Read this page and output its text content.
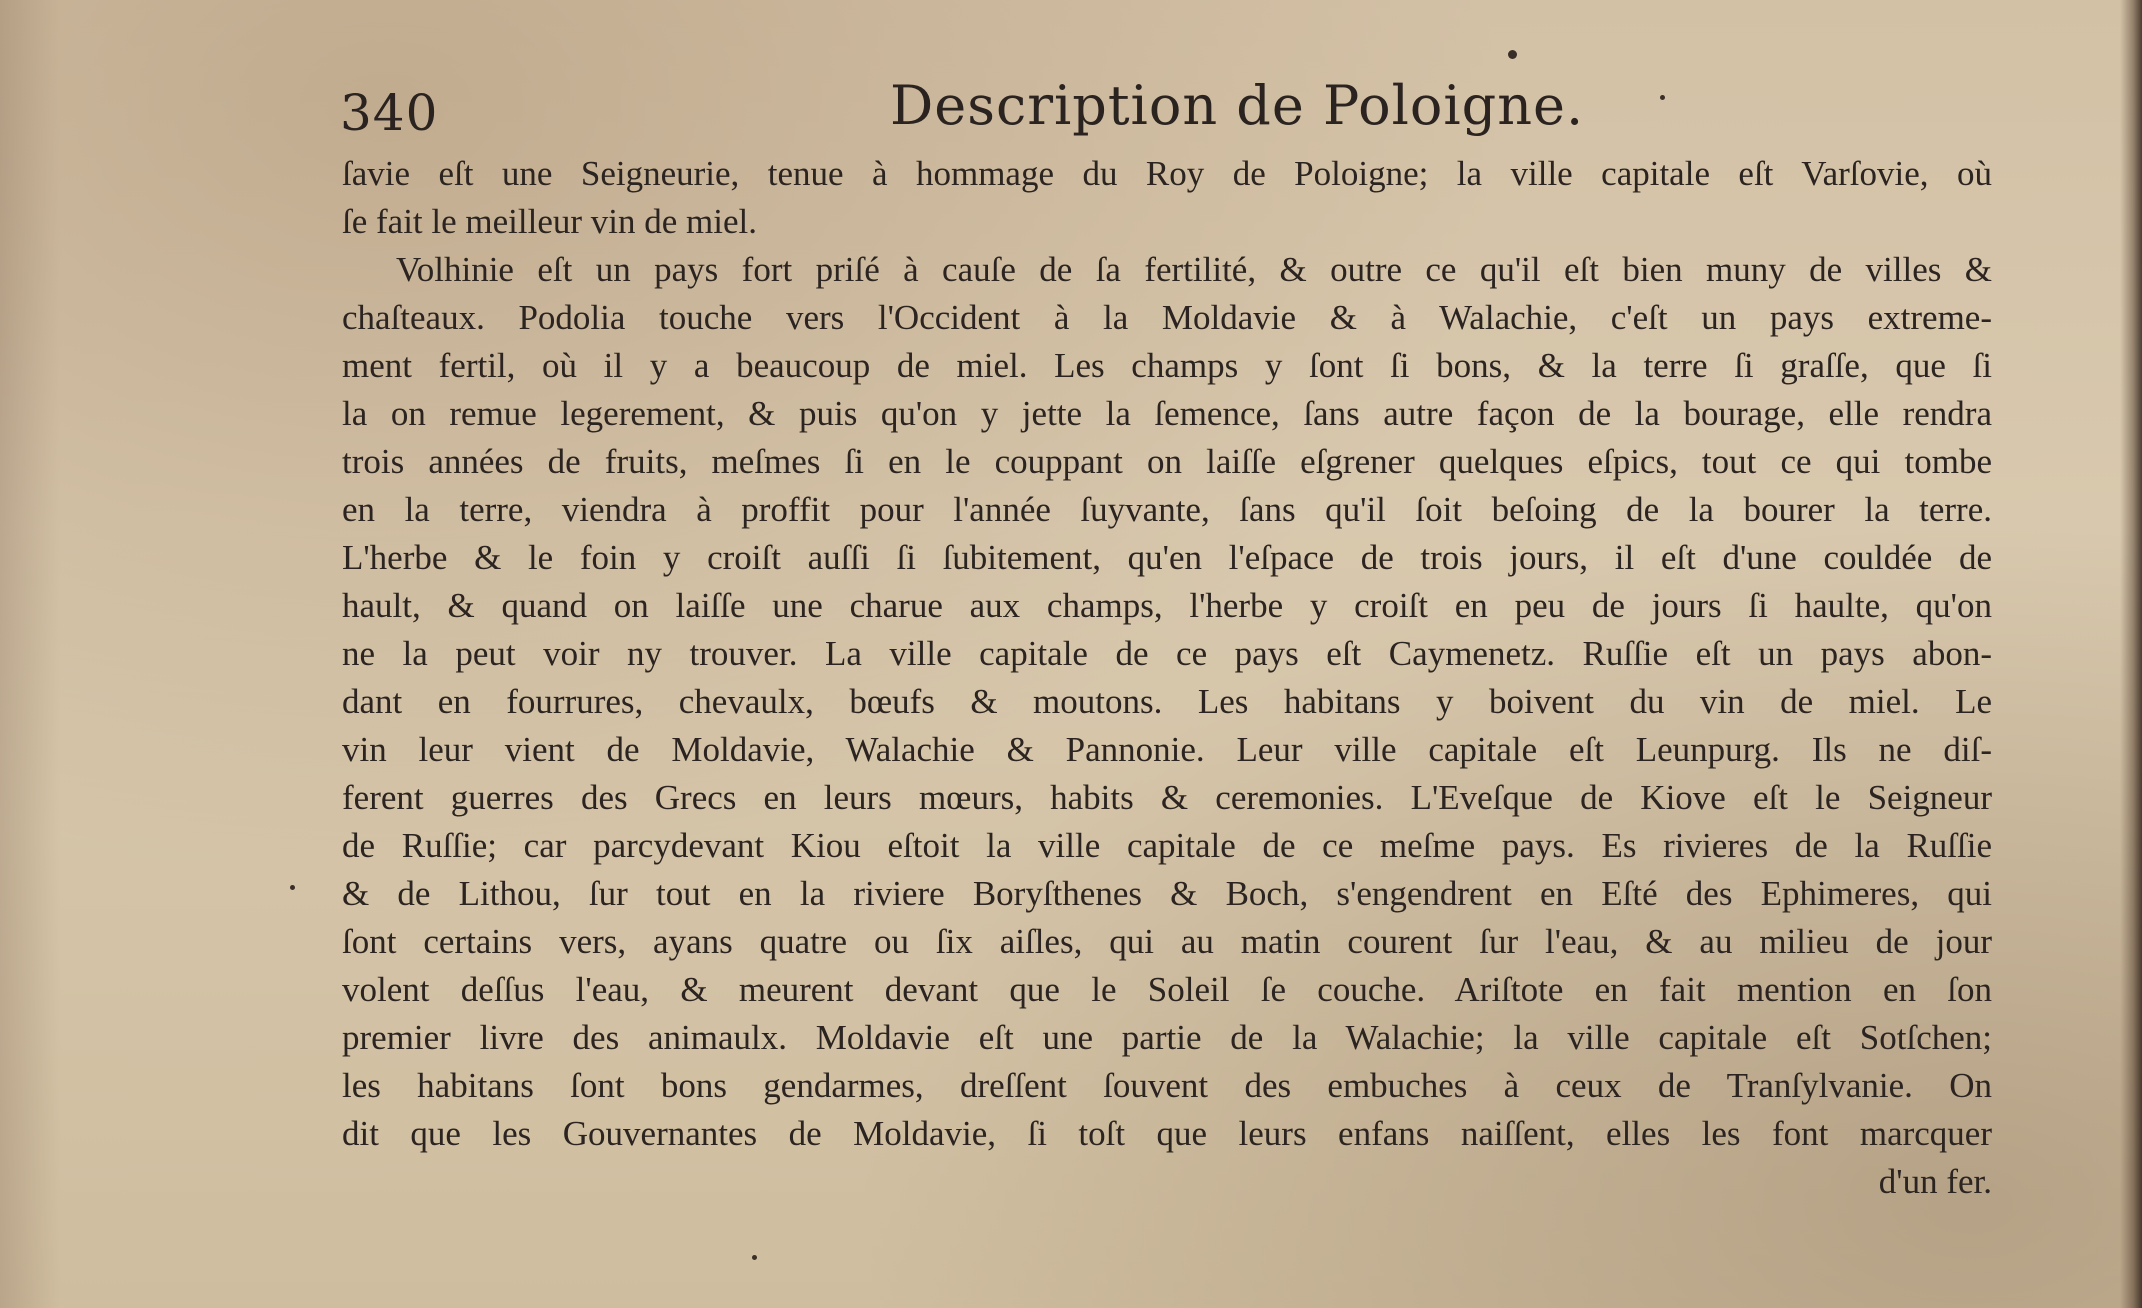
340	Description de Poloigne.
ſavie eſt une Seigneurie, tenue à hommage du Roy de Poloigne; la ville capitale eſt Varſovie, où
ſe fait le meilleur vin de miel.
Volhinie eſt un pays fort priſé à cauſe de ſa fertilité, & outre ce qu'il eſt bien muny de villes &
chaſteaux. Podolia touche vers l'Occident à la Moldavie & à Walachie, c'eſt un pays extreme-
ment fertil, où il y a beaucoup de miel. Les champs y ſont ſi bons, & la terre ſi graſſe, que ſi
la on remue legerement, & puis qu'on y jette la ſemence, ſans autre façon de la bourage, elle rendra
trois années de fruits, meſmes ſi en le couppant on laiſſe eſgrener quelques eſpics, tout ce qui tombe
en la terre, viendra à proffit pour l'année ſuyvante, ſans qu'il ſoit beſoing de la bourer la terre.
L'herbe & le foin y croiſt auſſi ſi ſubitement, qu'en l'eſpace de trois jours, il eſt d'une couldée de
hault, & quand on laiſſe une charue aux champs, l'herbe y croiſt en peu de jours ſi haulte, qu'on
ne la peut voir ny trouver. La ville capitale de ce pays eſt Caymenetz. Ruſſie eſt un pays abon-
dant en fourrures, chevaulx, bœufs & moutons. Les habitans y boivent du vin de miel. Le
vin leur vient de Moldavie, Walachie & Pannonie. Leur ville capitale eſt Leunpurg. Ils ne diſ-
ferent guerres des Grecs en leurs mœurs, habits & ceremonies. L'Eveſque de Kiove eſt le Seigneur
de Ruſſie; car parcydevant Kiou eſtoit la ville capitale de ce meſme pays. Es rivieres de la Ruſſie
& de Lithou, ſur tout en la riviere Boryſthenes & Boch, s'engendrent en Eſté des Ephimeres, qui
ſont certains vers, ayans quatre ou ſix aiſles, qui au matin courent ſur l'eau, & au milieu de jour
volent deſſus l'eau, & meurent devant que le Soleil ſe couche. Ariſtote en fait mention en ſon
premier livre des animaulx. Moldavie eſt une partie de la Walachie; la ville capitale eſt Sotſchen;
les habitans ſont bons gendarmes, dreſſent ſouvent des embuches à ceux de Tranſylvanie. On
dit que les Gouvernantes de Moldavie, ſi toſt que leurs enfans naiſſent, elles les font marcquer
d'un fer.
